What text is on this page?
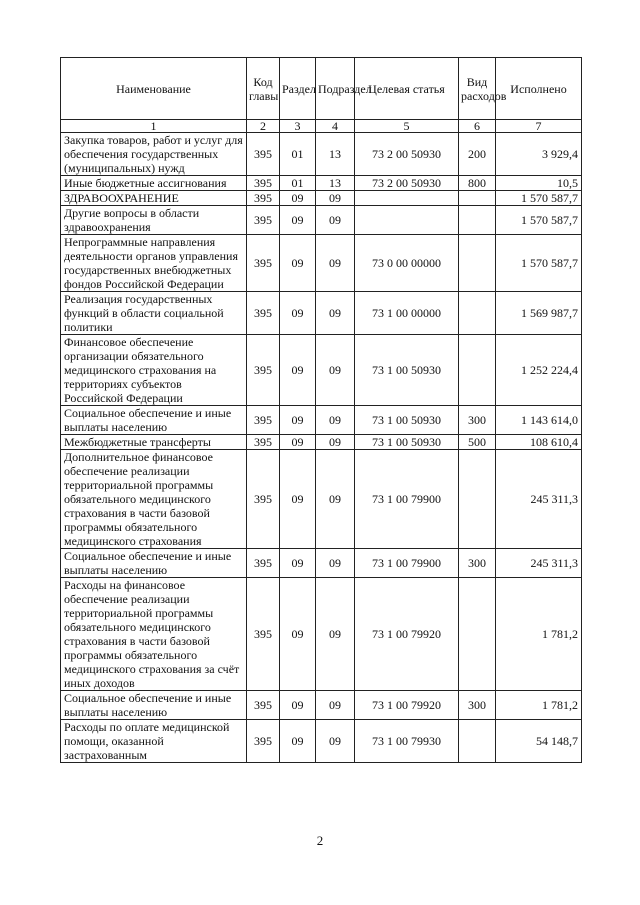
Наименование	Код главы	Раздел	Подраздел	Целевая статья	Вид расходов	Исполнено
1	2	3	4	5	6	7
Закупка товаров, работ и услуг для обеспечения государственных (муниципальных) нужд	395	01	13	73 2 00 50930	200	3 929,4
Иные бюджетные ассигнования	395	01	13	73 2 00 50930	800	10,5
ЗДРАВООХРАНЕНИЕ	395	09	09			1 570 587,7
Другие вопросы в области здравоохранения	395	09	09			1 570 587,7
Непрограммные направления деятельности органов управления государственных внебюджетных фондов Российской Федерации	395	09	09	73 0 00 00000		1 570 587,7
Реализация государственных функций в области социальной политики	395	09	09	73 1 00 00000		1 569 987,7
Финансовое обеспечение организации обязательного медицинского страхования на территориях субъектов Российской Федерации	395	09	09	73 1 00 50930		1 252 224,4
Социальное обеспечение и иные выплаты населению	395	09	09	73 1 00 50930	300	1 143 614,0
Межбюджетные трансферты	395	09	09	73 1 00 50930	500	108 610,4
Дополнительное финансовое обеспечение реализации территориальной программы обязательного медицинского страхования в части базовой программы обязательного медицинского страхования	395	09	09	73 1 00 79900		245 311,3
Социальное обеспечение и иные выплаты населению	395	09	09	73 1 00 79900	300	245 311,3
Расходы на финансовое обеспечение реализации территориальной программы обязательного медицинского страхования в части базовой программы обязательного медицинского страхования за счёт иных доходов	395	09	09	73 1 00 79920		1 781,2
Социальное обеспечение и иные выплаты населению	395	09	09	73 1 00 79920	300	1 781,2
Расходы по оплате медицинской помощи, оказанной застрахованным	395	09	09	73 1 00 79930		54 148,7
2
